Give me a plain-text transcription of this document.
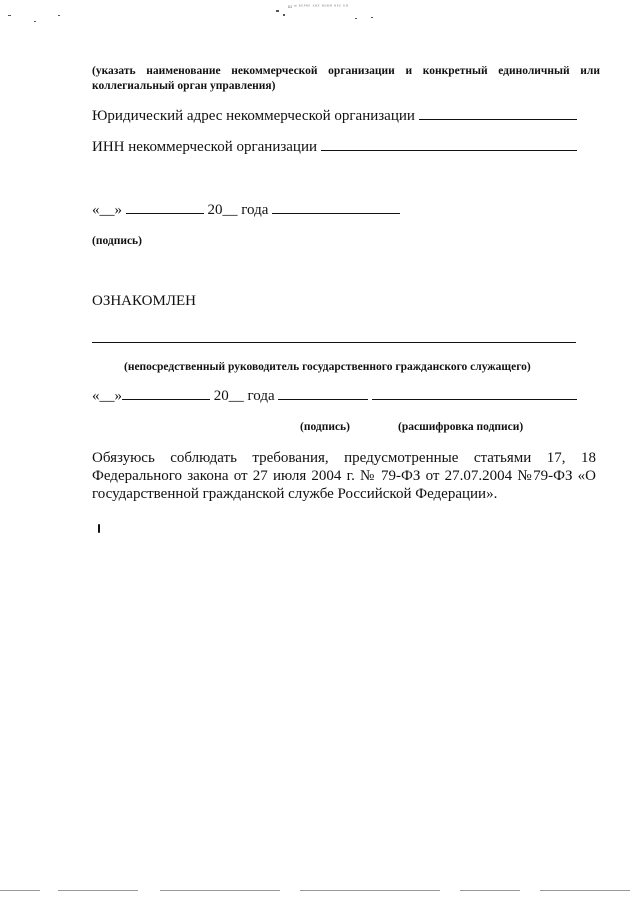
ш ᵐ ᴿᴱᴾᴿᴱ ᴬᴿᴱ ᴮᴼᴹᴮ ᴿᴾᴳ ᴷᴮ
(указать наименование некоммерческой организации и конкретный единоличный или коллегиальный орган управления)
Юридический адрес некоммерческой организации
ИНН некоммерческой организации
«__»	20__ года
(подпись)
ОЗНАКОМЛЕН
(непосредственный руководитель государственного гражданского служащего)
«__»	20__ года
(подпись)	(расшифровка подписи)
Обязуюсь соблюдать требования, предусмотренные статьями 17, 18 Федерального закона от 27 июля 2004 г. № 79-ФЗ от 27.07.2004 №79-ФЗ «О государственной гражданской службе Российской Федерации».
